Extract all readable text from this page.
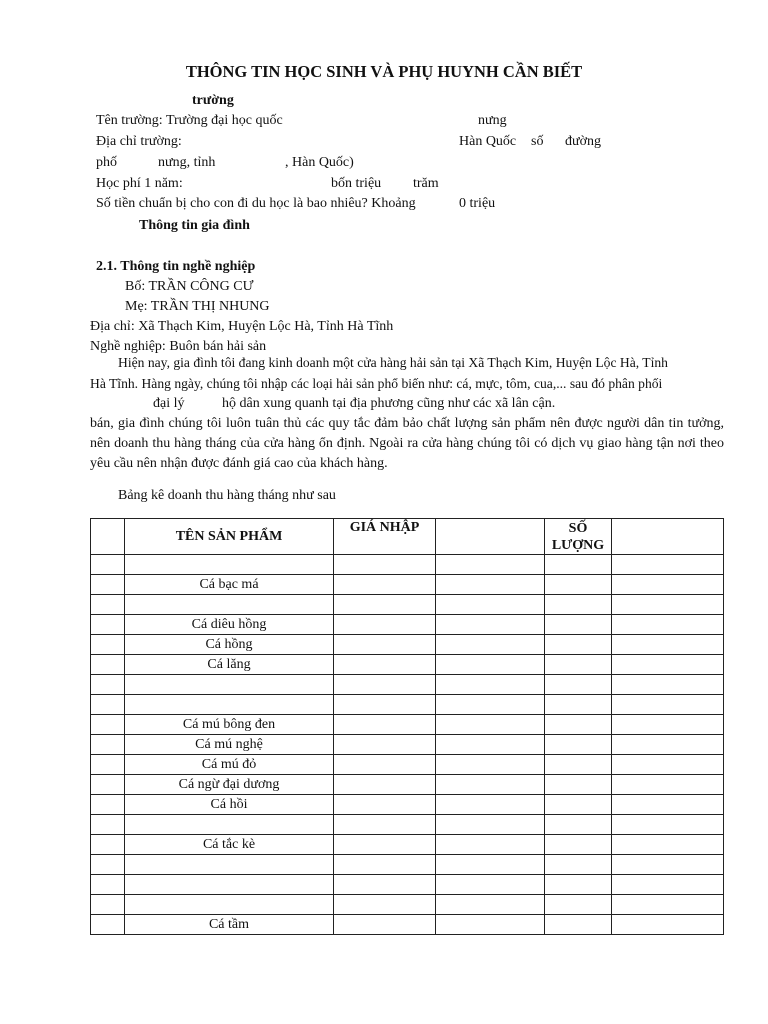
THÔNG TIN HỌC SINH VÀ PHỤ HUYNH CẦN BIẾT
trường
Tên trường: Trường đại học quốc	nưng
Địa chỉ trường:	Hàn Quốc số đường
phố	nưng, tỉnh	, Hàn Quốc)
Học phí 1 năm:	bốn triệu trăm
Số tiền chuẩn bị cho con đi du học là bao nhiêu? Khoảng	0 triệu
Thông tin gia đình
2.1. Thông tin nghề nghiệp
Bố: TRẦN CÔNG CƯ
Mẹ: TRẦN THỊ NHUNG
Địa chỉ: Xã Thạch Kim, Huyện Lộc Hà, Tỉnh Hà Tĩnh
Nghề nghiệp: Buôn bán hải sản
Hiện nay, gia đình tôi đang kinh doanh một cửa hàng hải sản tại Xã Thạch Kim, Huyện Lộc Hà, Tỉnh
Hà Tĩnh. Hàng ngày, chúng tôi nhập các loại hải sản phổ biến như: cá, mực, tôm, cua,... sau đó phân phối
đại lý	hộ dân xung quanh tại địa phương cũng như các xã lân cận.
bán, gia đình chúng tôi luôn tuân thủ các quy tắc đảm bảo chất lượng sản phẩm nên được người dân tin tưởng, nên doanh thu hàng tháng của cửa hàng ổn định. Ngoài ra cửa hàng chúng tôi có dịch vụ giao hàng tận nơi theo yêu cầu nên nhận được đánh giá cao của khách hàng.
Bảng kê doanh thu hàng tháng như sau
	TÊN SẢN PHẨM	GIÁ NHẬP		SỐ LƯỢNG	

	Cá bạc má				

	Cá diêu hồng				
	Cá hồng				
	Cá lăng				

	Cá mú bông đen				
	Cá mú nghệ				
	Cá mú đỏ				
	Cá ngừ đại dương				
	Cá hồi				

	Cá tắc kè				

	Cá tầm				
